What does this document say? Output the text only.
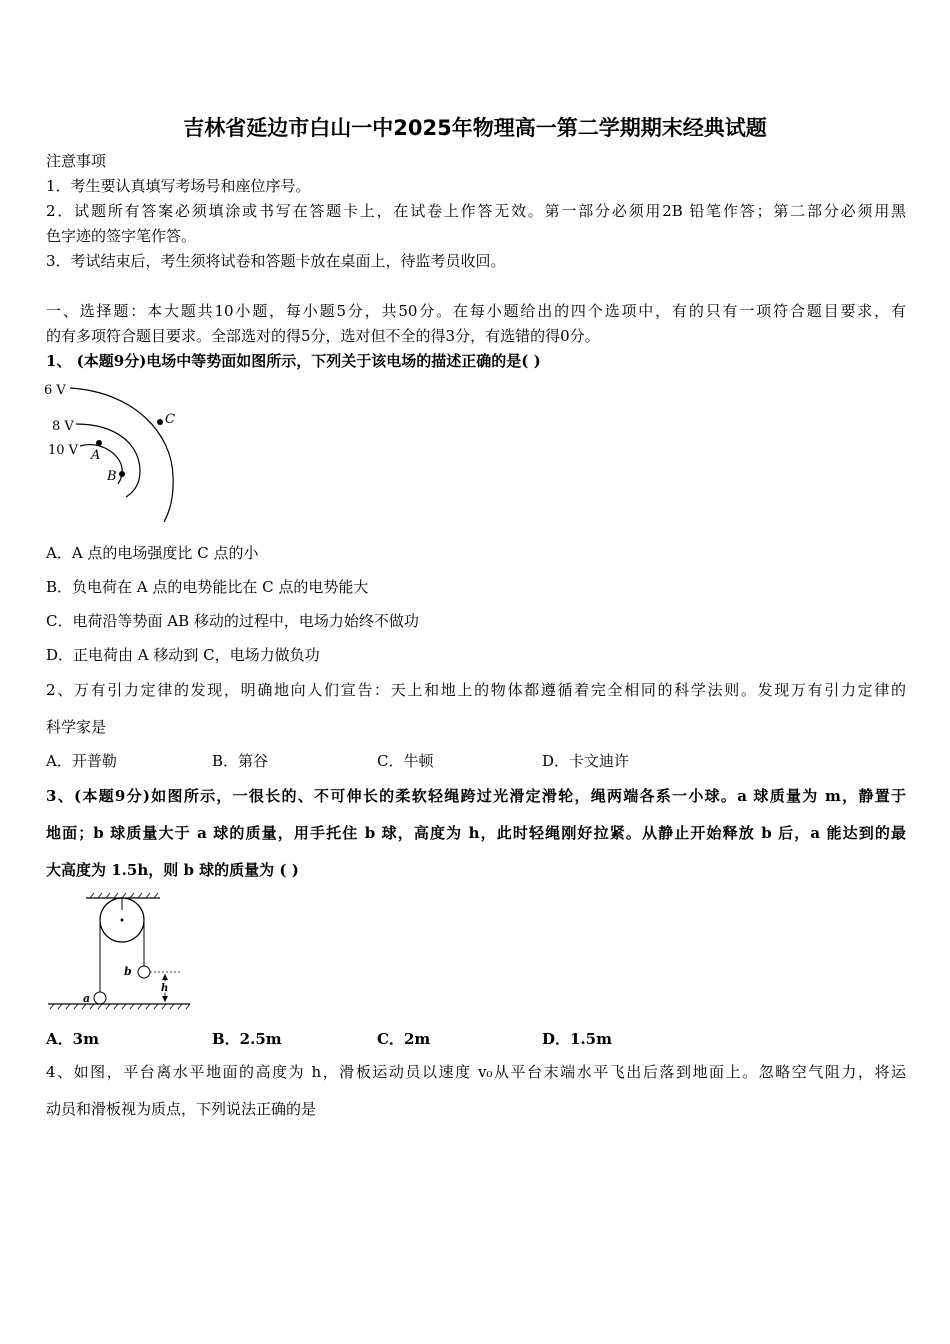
吉林省延边市白山一中2025年物理高一第二学期期末经典试题
注意事项
1．考生要认真填写考场号和座位序号。
2．试题所有答案必须填涂或书写在答题卡上，在试卷上作答无效。第一部分必须用2B 铅笔作答；第二部分必须用黑
色字迹的签字笔作答。
3．考试结束后，考生须将试卷和答题卡放在桌面上，待监考员收回。
一、选择题：本大题共10小题，每小题5分，共50分。在每小题给出的四个选项中，有的只有一项符合题目要求，有
的有多项符合题目要求。全部选对的得5分，选对但不全的得3分，有选错的得0分。
1、 (本题9分)电场中等势面如图所示，下列关于该电场的描述正确的是( )
6 V
8 V
10 V A
B
C
A．A 点的电场强度比 C 点的小
B．负电荷在 A 点的电势能比在 C 点的电势能大
C．电荷沿等势面 AB 移动的过程中，电场力始终不做功
D．正电荷由 A 移动到 C，电场力做负功
2、万有引力定律的发现，明确地向人们宣告：天上和地上的物体都遵循着完全相同的科学法则。发现万有引力定律的
科学家是
A．开普勒	B．第谷	C．牛顿	D．卡文迪许
3、(本题9分)如图所示，一很长的、不可伸长的柔软轻绳跨过光滑定滑轮，绳两端各系一小球。a 球质量为 m，静置于
地面；b 球质量大于 a 球的质量，用手托住 b 球，高度为 h，此时轻绳刚好拉紧。从静止开始释放 b 后，a 能达到的最
大高度为 1.5h，则 b 球的质量为 ( )
b
a
h
A．3m	B．2.5m	C．2m	D．1.5m
4、如图，平台离水平地面的高度为 h，滑板运动员以速度 v₀从平台末端水平飞出后落到地面上。忽略空气阻力，将运
动员和滑板视为质点，下列说法正确的是
